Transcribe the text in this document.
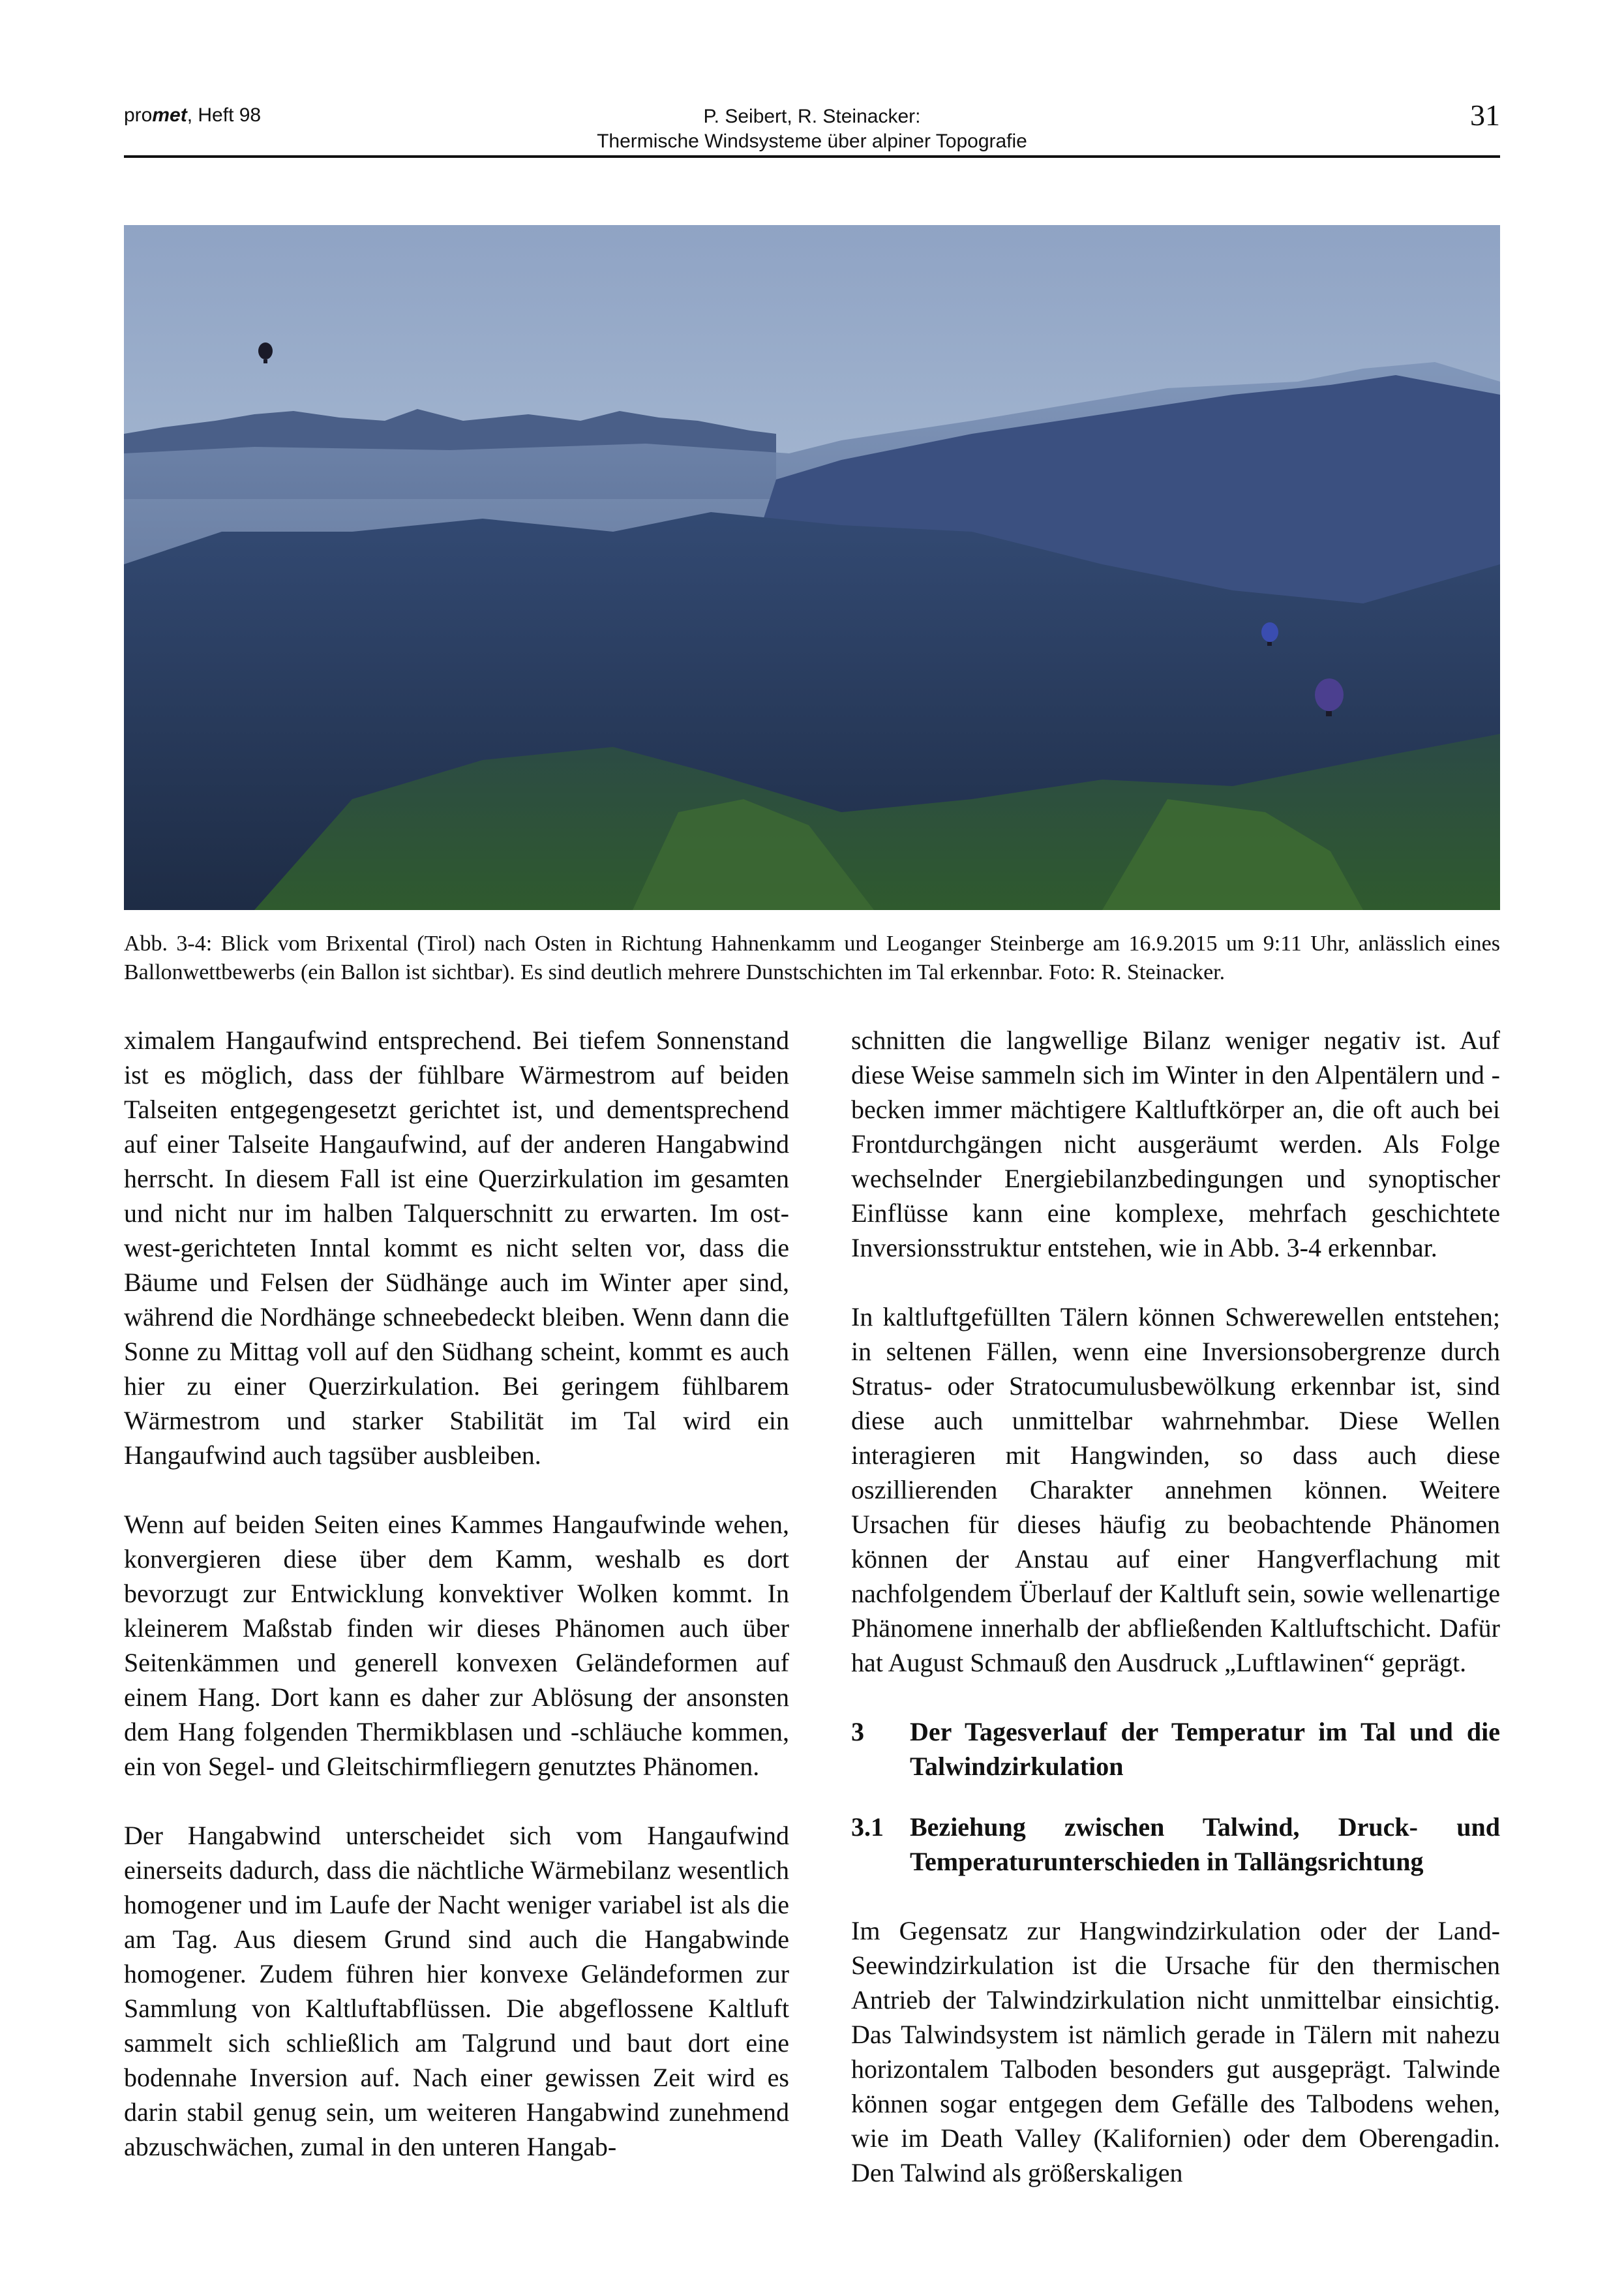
promet, Heft 98	P. Seibert, R. Steinacker:
Thermische Windsysteme über alpiner Topografie
31
Abb. 3-4: Blick vom Brixental (Tirol) nach Osten in Richtung Hahnenkamm und Leoganger Steinberge am 16.9.2015 um 9:11 Uhr, anlässlich eines Ballonwettbewerbs (ein Ballon ist sichtbar). Es sind deutlich mehrere Dunstschichten im Tal erkennbar. Foto: R. Steinacker.

ximalem Hangaufwind entsprechend. Bei tiefem Sonnenstand ist es möglich, dass der fühlbare Wärmestrom auf beiden Talseiten entgegengesetzt gerichtet ist, und dementsprechend auf einer Talseite Hangaufwind, auf der anderen Hangabwind herrscht. In diesem Fall ist eine Querzirkulation im gesamten und nicht nur im halben Talquerschnitt zu erwarten. Im ost-west-gerichteten Inntal kommt es nicht selten vor, dass die Bäume und Felsen der Südhänge auch im Winter aper sind, während die Nordhänge schneebedeckt bleiben. Wenn dann die Sonne zu Mittag voll auf den Südhang scheint, kommt es auch hier zu einer Querzirkulation. Bei geringem fühlbarem Wärmestrom und starker Stabilität im Tal wird ein Hangaufwind auch tagsüber ausbleiben.

Wenn auf beiden Seiten eines Kammes Hangaufwinde wehen, konvergieren diese über dem Kamm, weshalb es dort bevorzugt zur Entwicklung konvektiver Wolken kommt. In kleinerem Maßstab finden wir dieses Phänomen auch über Seitenkämmen und generell konvexen Geländeformen auf einem Hang. Dort kann es daher zur Ablösung der ansonsten dem Hang folgenden Thermikblasen und -schläuche kommen, ein von Segel- und Gleitschirmfliegern genutztes Phänomen.

Der Hangabwind unterscheidet sich vom Hangaufwind einerseits dadurch, dass die nächtliche Wärmebilanz wesentlich homogener und im Laufe der Nacht weniger variabel ist als die am Tag. Aus diesem Grund sind auch die Hangabwinde homogener. Zudem führen hier konvexe Geländeformen zur Sammlung von Kaltluftabflüssen. Die abgeflossene Kaltluft sammelt sich schließlich am Talgrund und baut dort eine bodennahe Inversion auf. Nach einer gewissen Zeit wird es darin stabil genug sein, um weiteren Hangabwind zunehmend abzuschwächen, zumal in den unteren Hangab-

schnitten die langwellige Bilanz weniger negativ ist. Auf diese Weise sammeln sich im Winter in den Alpentälern und -becken immer mächtigere Kaltluftkörper an, die oft auch bei Frontdurchgängen nicht ausgeräumt werden. Als Folge wechselnder Energiebilanzbedingungen und synoptischer Einflüsse kann eine komplexe, mehrfach geschichtete Inversionsstruktur entstehen, wie in Abb. 3-4 erkennbar.

In kaltluftgefüllten Tälern können Schwerewellen entstehen; in seltenen Fällen, wenn eine Inversionsobergrenze durch Stratus- oder Stratocumulusbewölkung erkennbar ist, sind diese auch unmittelbar wahrnehmbar. Diese Wellen interagieren mit Hangwinden, so dass auch diese oszillierenden Charakter annehmen können. Weitere Ursachen für dieses häufig zu beobachtende Phänomen können der Anstau auf einer Hangverflachung mit nachfolgendem Überlauf der Kaltluft sein, sowie wellenartige Phänomene innerhalb der abfließenden Kaltluftschicht. Dafür hat August Schmauß den Ausdruck „Luftlawinen“ geprägt.

3	Der Tagesverlauf der Temperatur im Tal und die Talwindzirkulation
3.1	Beziehung zwischen Talwind, Druck- und Temperaturunterschieden in Tallängsrichtung

Im Gegensatz zur Hangwindzirkulation oder der Land-Seewindzirkulation ist die Ursache für den thermischen Antrieb der Talwindzirkulation nicht unmittelbar einsichtig. Das Talwindsystem ist nämlich gerade in Tälern mit nahezu horizontalem Talboden besonders gut ausgeprägt. Talwinde können sogar entgegen dem Gefälle des Talbodens wehen, wie im Death Valley (Kalifornien) oder dem Oberengadin. Den Talwind als größerskaligen
